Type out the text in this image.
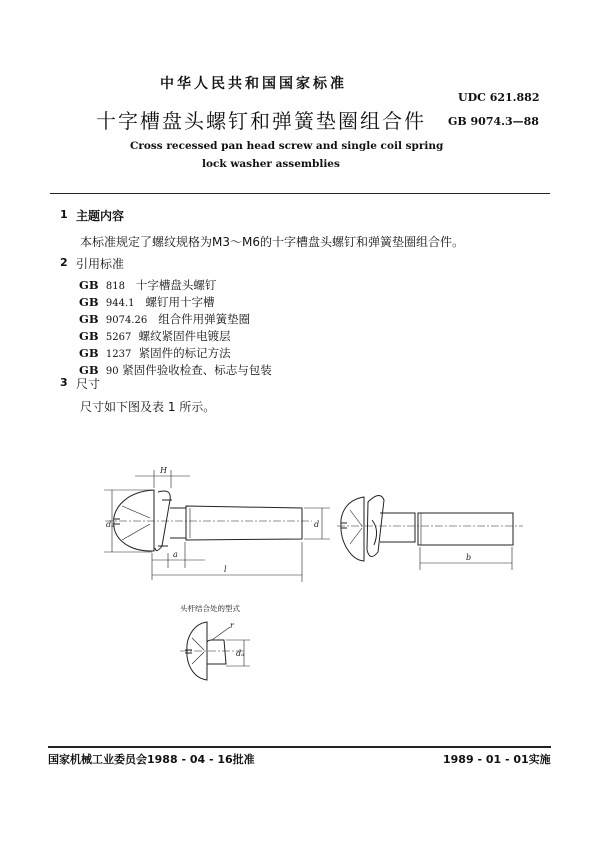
中华人民共和国国家标准
UDC 621.882
十字槽盘头螺钉和弹簧垫圈组合件 GB 9074.3—88
Cross recessed pan head screw and single coil spring
lock washer assemblies
1 主题内容
本标准规定了螺纹规格为M3～M6的十字槽盘头螺钉和弹簧垫圈组合件。
2 引用标准
GB 818 十字槽盘头螺钉
GB 944.1 螺钉用十字槽
GB 9074.26 组合件用弹簧垫圈
GB 5267 螺纹紧固件电镀层
GB 1237 紧固件的标记方法
GB 90 紧固件验收检查、标志与包装
3 尺寸
尺寸如下图及表 1 所示。
d₂
H
d
a
l
b
r
dₐ
头杆结合处的型式
国家机械工业委员会1988 - 04 - 16批准	1989 - 01 - 01实施
